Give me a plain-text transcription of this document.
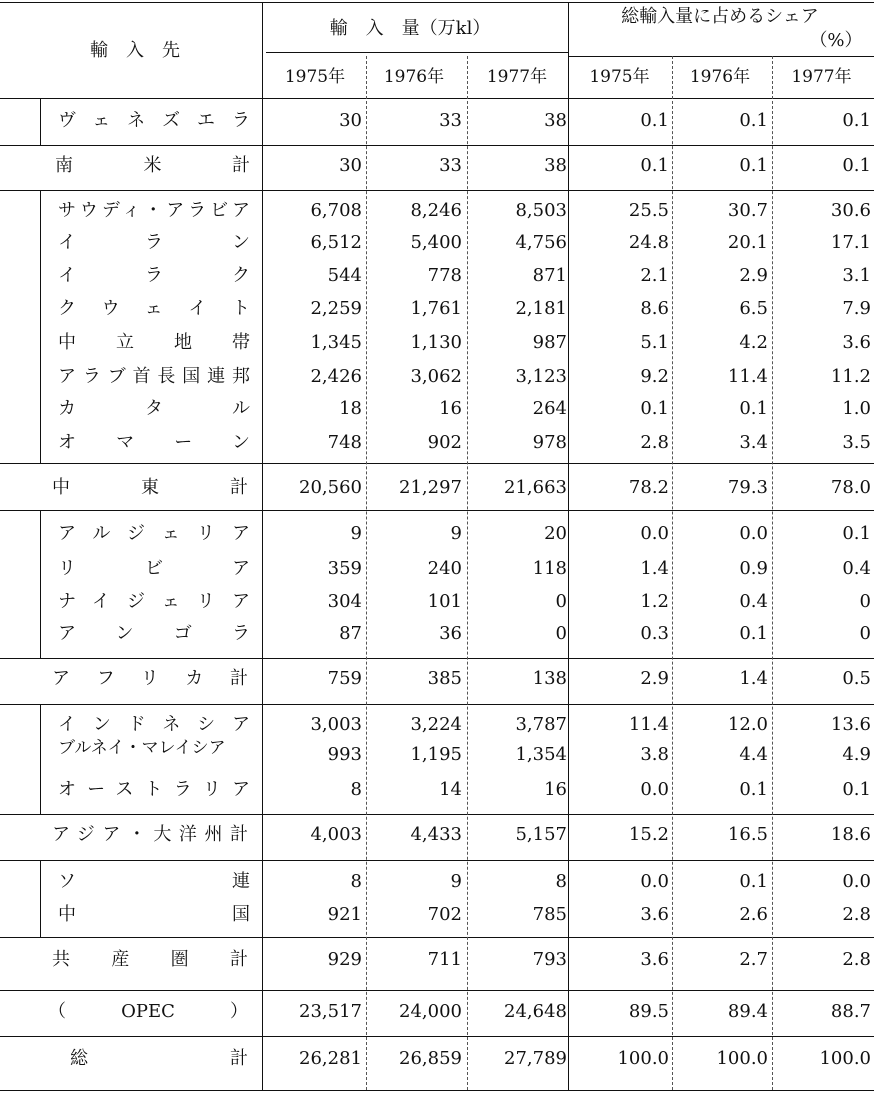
輸　入　先
輸　入　量（万kl）
総輸入量に占めるシェア
（%）
1975年	1976年	1977年	1975年	1976年	1977年
ヴェネズエラ	30	33	38	0.1	0.1	0.1
南米計	30	33	38	0.1	0.1	0.1
サウディ・アラビア	6,708	8,246	8,503	25.5	30.7	30.6
イラン	6,512	5,400	4,756	24.8	20.1	17.1
イラク	544	778	871	2.1	2.9	3.1
クウェイト	2,259	1,761	2,181	8.6	6.5	7.9
中立地帯	1,345	1,130	987	5.1	4.2	3.6
アラブ首長国連邦	2,426	3,062	3,123	9.2	11.4	11.2
カタル	18	16	264	0.1	0.1	1.0
オマーン	748	902	978	2.8	3.4	3.5
中東計	20,560	21,297	21,663	78.2	79.3	78.0
アルジェリア	9	9	20	0.0	0.0	0.1
リビア	359	240	118	1.4	0.9	0.4
ナイジェリア	304	101	0	1.2	0.4	0
アンゴラ	87	36	0	0.3	0.1	0
アフリカ計	759	385	138	2.9	1.4	0.5
インドネシア	3,003	3,224	3,787	11.4	12.0	13.6
ブルネイ・マレイシア	993	1,195	1,354	3.8	4.4	4.9
オーストラリア	8	14	16	0.0	0.1	0.1
アジア・大洋州計	4,003	4,433	5,157	15.2	16.5	18.6
ソ連	8	9	8	0.0	0.1	0.0
中国	921	702	785	3.6	2.6	2.8
共産圏計	929	711	793	3.6	2.7	2.8
（OPEC）	23,517	24,000	24,648	89.5	89.4	88.7
総計	26,281	26,859	27,789	100.0	100.0	100.0
